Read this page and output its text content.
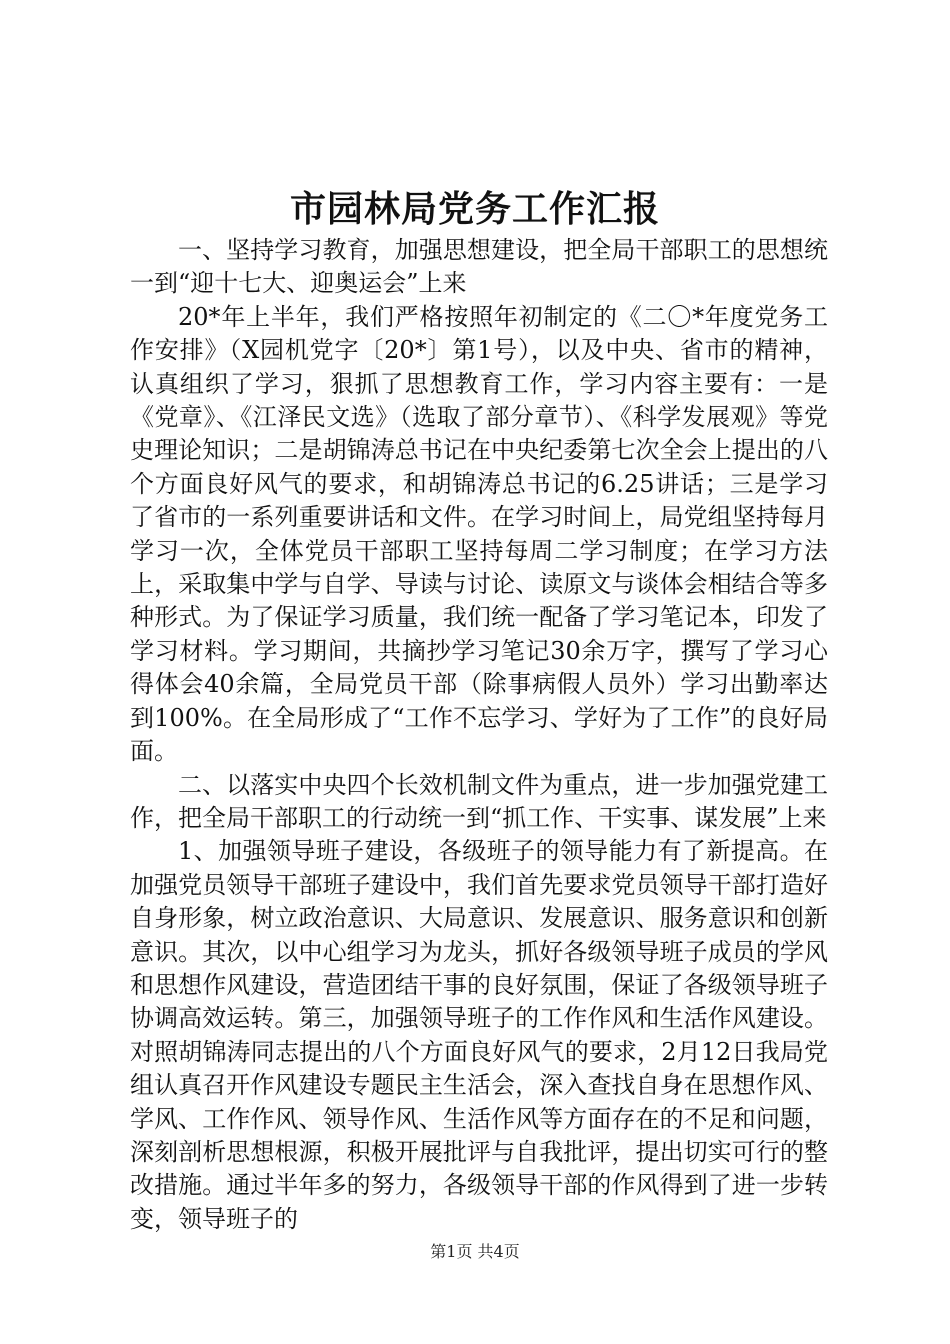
市园林局党务工作汇报

一、坚持学习教育，加强思想建设，把全局干部职工的思想统一到“迎十七大、迎奥运会”上来

20*年上半年，我们严格按照年初制定的《二〇*年度党务工作安排》（X园机党字〔20*〕第1号），以及中央、省市的精神，认真组织了学习，狠抓了思想教育工作，学习内容主要有：一是《党章》、《江泽民文选》（选取了部分章节）、《科学发展观》等党史理论知识；二是胡锦涛总书记在中央纪委第七次全会上提出的八个方面良好风气的要求，和胡锦涛总书记的6.25讲话；三是学习了省市的一系列重要讲话和文件。在学习时间上，局党组坚持每月学习一次，全体党员干部职工坚持每周二学习制度；在学习方法上，采取集中学与自学、导读与讨论、读原文与谈体会相结合等多种形式。为了保证学习质量，我们统一配备了学习笔记本，印发了学习材料。学习期间，共摘抄学习笔记30余万字，撰写了学习心得体会40余篇，全局党员干部（除事病假人员外）学习出勤率达到100%。在全局形成了“工作不忘学习、学好为了工作”的良好局面。

二、以落实中央四个长效机制文件为重点，进一步加强党建工作，把全局干部职工的行动统一到“抓工作、干实事、谋发展”上来

1、加强领导班子建设，各级班子的领导能力有了新提高。在加强党员领导干部班子建设中，我们首先要求党员领导干部打造好自身形象，树立政治意识、大局意识、发展意识、服务意识和创新意识。其次，以中心组学习为龙头，抓好各级领导班子成员的学风和思想作风建设，营造团结干事的良好氛围，保证了各级领导班子协调高效运转。第三，加强领导班子的工作作风和生活作风建设。对照胡锦涛同志提出的八个方面良好风气的要求，2月12日我局党组认真召开作风建设专题民主生活会，深入查找自身在思想作风、学风、工作作风、领导作风、生活作风等方面存在的不足和问题，深刻剖析思想根源，积极开展批评与自我批评，提出切实可行的整改措施。通过半年多的努力，各级领导干部的作风得到了进一步转变，领导班子的

第1页 共4页
